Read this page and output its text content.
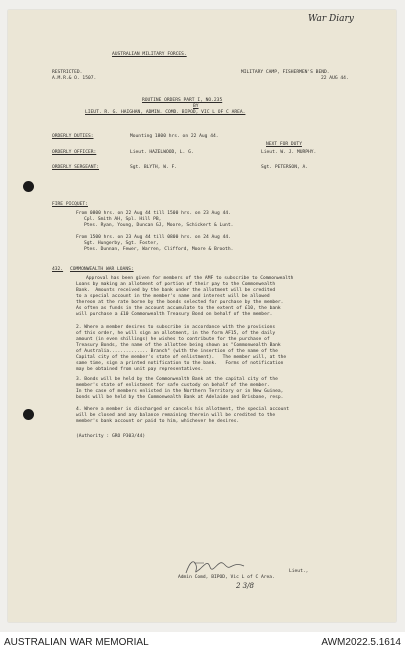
War Diary
AUSTRALIAN MILITARY FORCES.
RESTRICTED.
A.M.R.& O. 1507.
MILITARY CAMP, FISHERMEN'S BEND.
22 AUG 44.
ROUTINE ORDERS PART I, NO.235
BY
LIEUT. R. G. HAIGHAN, ADMIN. COMD. BIPOD, VIC L OF C AREA.
ORDERLY DUTIES:	Mounting 1800 hrs. on 22 Aug 44.
NEXT FOR DUTY
ORDERLY OFFICER:	Lieut. HAZELWOOD, L. G.	Lieut. W. J. MURPHY.
ORDERLY SERGEANT:	Sgt. BLYTH, W. F.	Sgt. PETERSON, A.
FIRE PICQUET:
From 0800 hrs. on 22 Aug 44 till 1500 hrs. on 23 Aug 44.
Cpl. Smith AH, Spl. Hill PB,
Ptes. Ryan, Young, Duncan GJ, Moore, Schickert & Lunt.
From 1500 hrs. on 23 Aug 44 till 0800 hrs. on 24 Aug 44.
Sgt. Hungerby, Sgt. Foster,
Ptes. Dunnan, Fewer, Warren, Clifford, Moore & Brooth.
432. COMMONWEALTH WAR LOANS:
Approval has been given for members of the AMF to subscribe to Commonwealth
Loans by making an allotment of portion of their pay to the Commonwealth
Bank.  Amounts received by the bank under the allotment will be credited
to a special account in the member's name and interest will be allowed
thereon at the rate borne by the bonds selected for purchase by the member.
As often as funds in the account accumulate to the extent of £10, the bank
will purchase a £10 Commonwealth Treasury Bond on behalf of the member.
2. Where a member desires to subscribe in accordance with the provisions
of this order, he will sign an allotment, in the form AF15, of the daily
amount (in even shillings) he wishes to contribute for the purchase of
Treasury Bonds, the name of the allottee being shown as "Commonwealth Bank
of Australia.............. Branch" (with the insertion of the name of the
Capital city of the member's state of enlistment).   The member will, at the
same time, sign a printed notification to the bank.   Forms of notification
may be obtained from unit pay representatives.
3. Bonds will be held by the Commonwealth Bank at the capital city of the
member's state of enlistment for safe custody on behalf of the member.
In the case of members enlisted in the Northern Territory or in New Guinea,
bonds will be held by the Commonwealth Bank at Adelaide and Brisbane, resp.
4. Where a member is discharged or cancels his allotment, the special account
will be closed and any balance remaining therein will be credited to the
member's bank account or paid to him, whichever he desires.
(Authority : GRO P303/44)
Lieut.,
Admin Comd, BIPOD, Vic L of C Area.
2 3/8
AUSTRALIAN WAR MEMORIAL	AWM2022.5.1614
